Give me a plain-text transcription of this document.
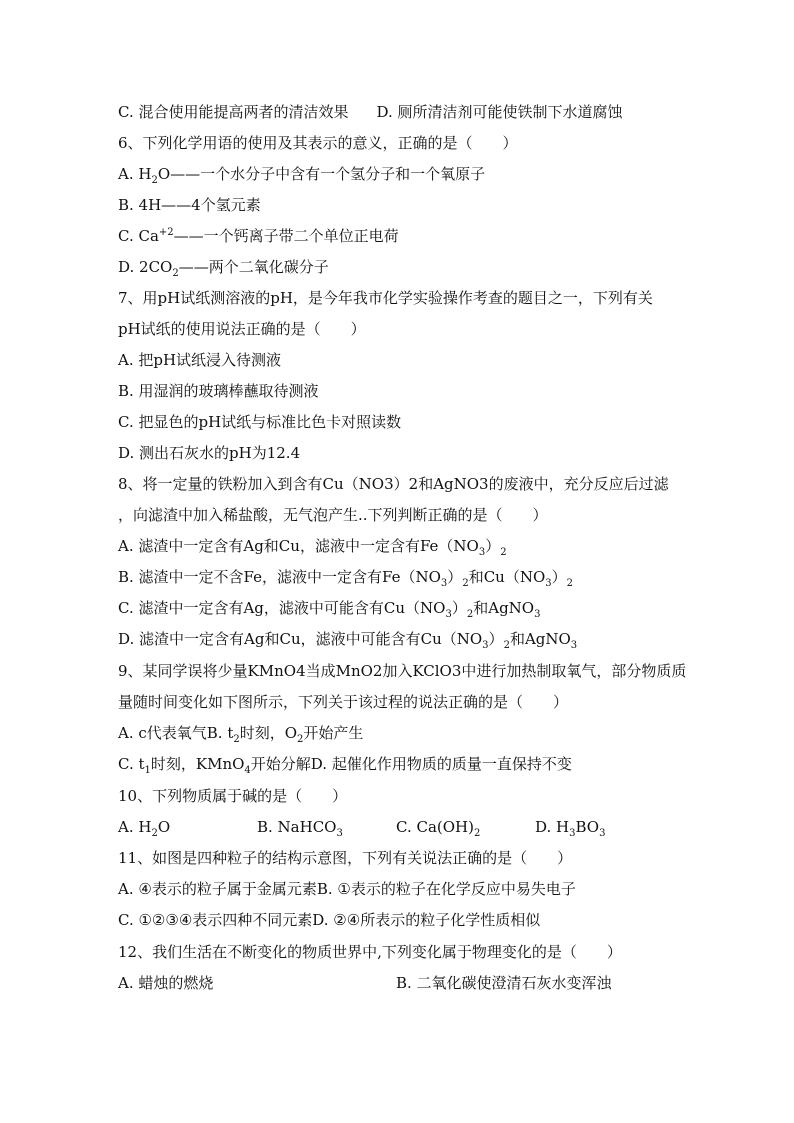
C. 混合使用能提高两者的清洁效果 D. 厕所清洁剂可能使铁制下水道腐蚀
6、下列化学用语的使用及其表示的意义，正确的是（　　）
A. $H_2O——$一个水分子中含有一个氢分子和一个氧原子
B. 4H——4个氢元素
C. $Ca^{+2}——$一个钙离子带二个单位正电荷
D. $2CO_2——$两个二氧化碳分子
7、用pH试纸测溶液的pH，是今年我市化学实验操作考查的题目之一，下列有关
pH试纸的使用说法正确的是（　　）
A. 把pH试纸浸入待测液
B. 用湿润的玻璃棒蘸取待测液
C. 把显色的pH试纸与标准比色卡对照读数
D. 测出石灰水的pH为12.4
8、将一定量的铁粉加入到含有Cu（NO3）2和AgNO3的废液中，充分反应后过滤
，向滤渣中加入稀盐酸，无气泡产生..下列判断正确的是（　　）
A. 滤渣中一定含有Ag和Cu，滤液中一定含有$Fe(NO_3)_2$
B. 滤渣中一定不含Fe，滤液中一定含有$Fe(NO_3)_2$和$Cu(NO_3)_2$
C. 滤渣中一定含有Ag，滤液中可能含有$Cu(NO_3)_2$和AgNO$_3$
D. 滤渣中一定含有Ag和Cu，滤液中可能含有$Cu(NO_3)_2$和AgNO$_3$
9、某同学误将少量KMnO4当成MnO2加入KClO3中进行加热制取氧气，部分物质质
量随时间变化如下图所示，下列关于该过程的说法正确的是（　　）
A. c代表氧气B. $t_2$时刻，$O_2$开始产生
C. $t_1$时刻，KMnO$_4$开始分解D. 起催化作用物质的质量一直保持不变
10、下列物质属于碱的是（　　）
A. $H_2O$	B. NaHCO$_3$	C. $Ca(OH)_2$	D. $H_3BO_3$
11、如图是四种粒子的结构示意图，下列有关说法正确的是（　　）
A. ④表示的粒子属于金属元素B. ①表示的粒子在化学反应中易失电子
C. ①②③④表示四种不同元素D. ②④所表示的粒子化学性质相似
12、我们生活在不断变化的物质世界中,下列变化属于物理变化的是（　　）
A. 蜡烛的燃烧	B. 二氧化碳使澄清石灰水变浑浊
